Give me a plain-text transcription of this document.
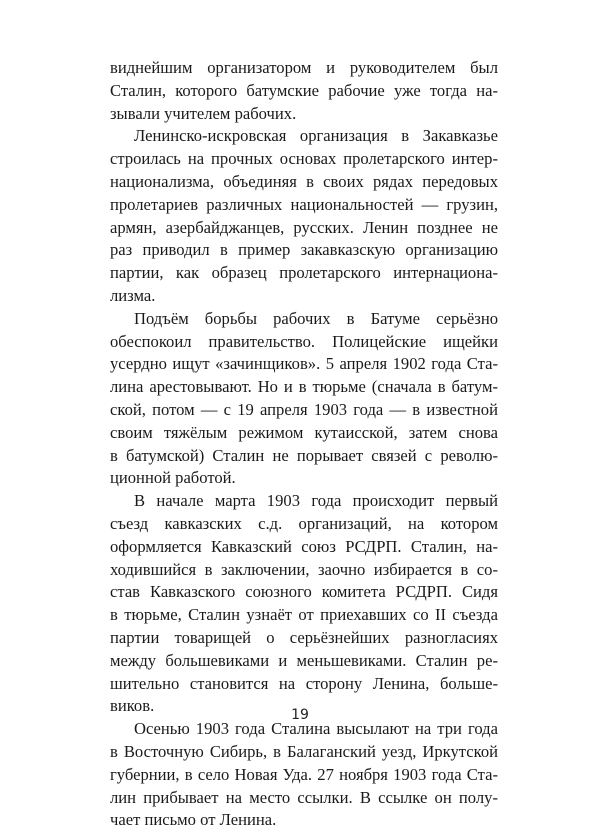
виднейшим организатором и руководителем был
Сталин, которого батумские рабочие уже тогда на-
зывали учителем рабочих.
Ленинско-искровская организация в Закавказье
строилась на прочных основах пролетарского интер-
национализма, объединяя в своих рядах передовых
пролетариев различных национальностей — грузин,
армян, азербайджанцев, русских. Ленин позднее не
раз приводил в пример закавказскую организацию
партии, как образец пролетарского интернациона-
лизма.
Подъём борьбы рабочих в Батуме серьёзно
обеспокоил правительство. Полицейские ищейки
усердно ищут «зачинщиков». 5 апреля 1902 года Ста-
лина арестовывают. Но и в тюрьме (сначала в батум-
ской, потом — с 19 апреля 1903 года — в известной
своим тяжёлым режимом кутаисской, затем снова
в батумской) Сталин не порывает связей с револю-
ционной работой.
В начале марта 1903 года происходит первый
съезд кавказских с.д. организаций, на котором
оформляется Кавказский союз РСДРП. Сталин, на-
ходившийся в заключении, заочно избирается в со-
став Кавказского союзного комитета РСДРП. Сидя
в тюрьме, Сталин узнаёт от приехавших со II съезда
партии товарищей о серьёзнейших разногласиях
между большевиками и меньшевиками. Сталин ре-
шительно становится на сторону Ленина, больше-
виков.
Осенью 1903 года Сталина высылают на три года
в Восточную Сибирь, в Балаганский уезд, Иркутской
губернии, в село Новая Уда. 27 ноября 1903 года Ста-
лин прибывает на место ссылки. В ссылке он полу-
чает письмо от Ленина.
19
